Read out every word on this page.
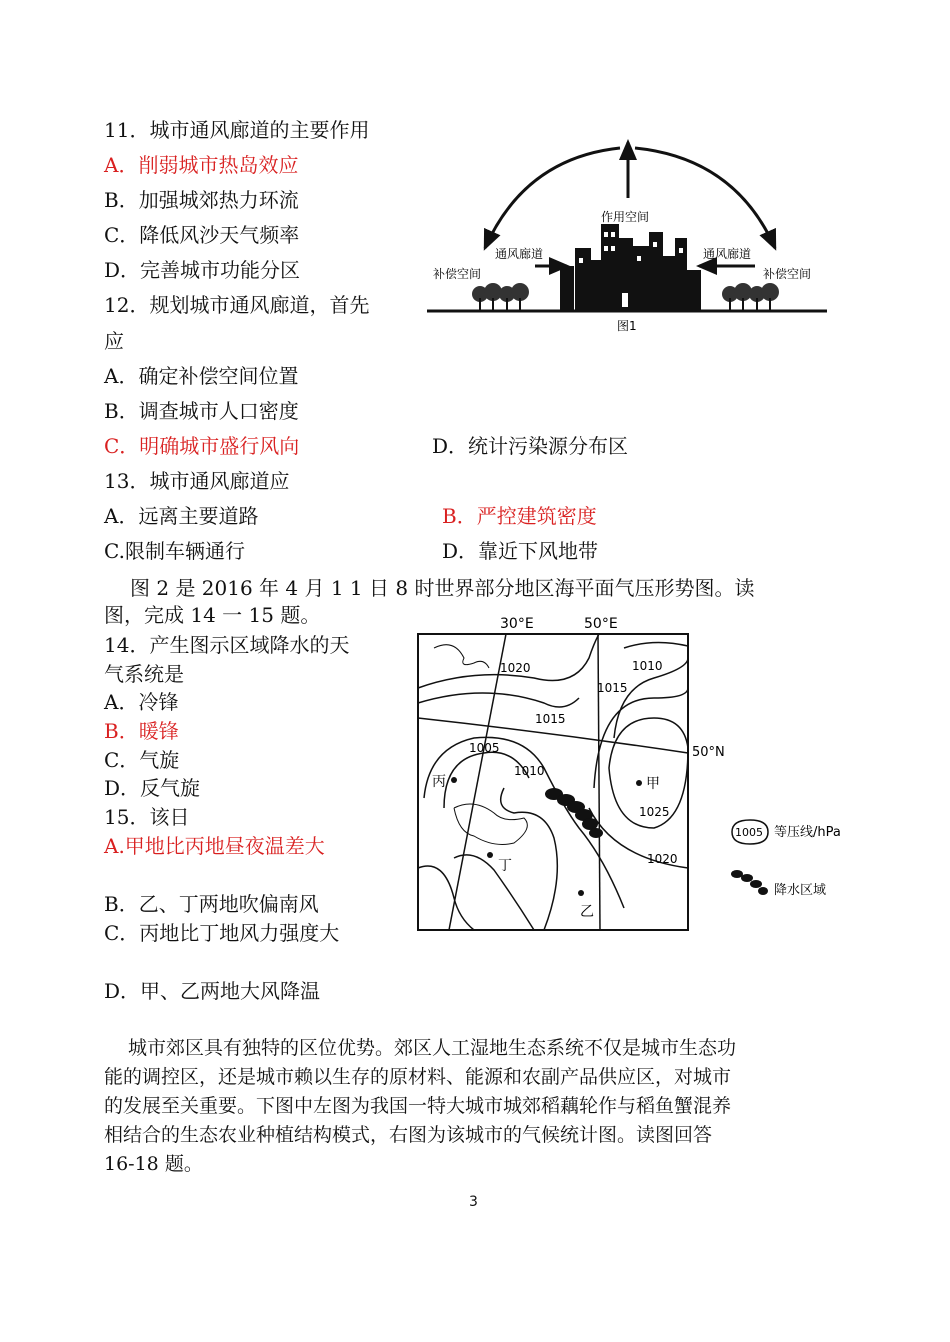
11．城市通风廊道的主要作用
A．削弱城市热岛效应
B．加强城郊热力环流
C．降低风沙天气频率
D．完善城市功能分区
12．规划城市通风廊道，首先
应
A．确定补偿空间位置
B．调查城市人口密度
C．明确城市盛行风向	D．统计污染源分布区
13．城市通风廊道应
A．远离主要道路	B．严控建筑密度
C.限制车辆通行	D．靠近下风地带
图 2 是 2016 年 4 月 1 1 日 8 时世界部分地区海平面气压形势图。读
图，完成 14 一 15 题。
14．产生图示区域降水的天
气系统是
A．冷锋
B．暖锋
C．气旋
D．反气旋
15．该日
A.甲地比丙地昼夜温差大
B．乙、丁两地吹偏南风
C．丙地比丁地风力强度大
D．甲、乙两地大风降温
城市郊区具有独特的区位优势。郊区人工湿地生态系统不仅是城市生态功
能的调控区，还是城市赖以生存的原材料、能源和农副产品供应区，对城市
的发展至关重要。下图中左图为我国一特大城市城郊稻藕轮作与稻鱼蟹混养
相结合的生态农业种植结构模式，右图为该城市的气候统计图。读图回答
16-18 题。
3
作用空间
通风廊道	通风廊道
补偿空间	补偿空间
图1
30°E	50°E
50°N
1020	1010
1015
1015
1005
1010
1025
1020
甲
丙
丁
乙
1005 等压线/hPa
降水区域
